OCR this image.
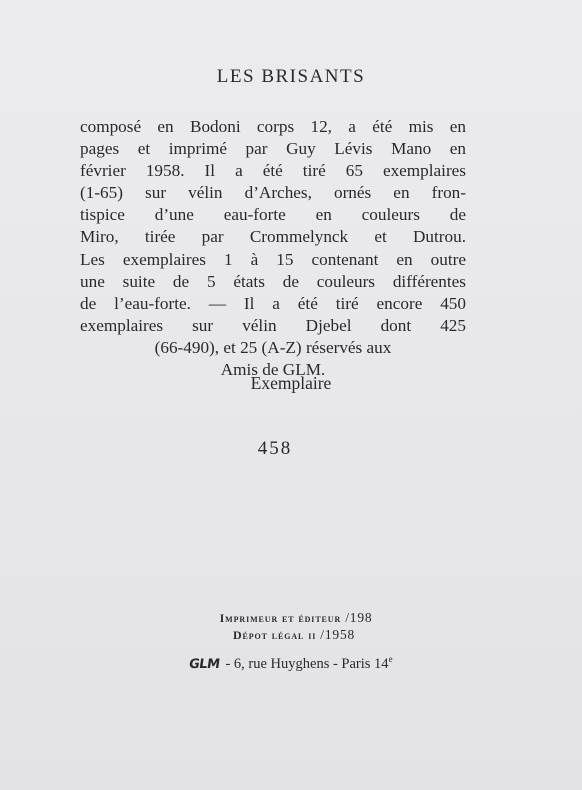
LES BRISANTS
composé en Bodoni corps 12, a été mis en
pages et imprimé par Guy Lévis Mano en
février 1958. Il a été tiré 65 exemplaires
(1-65) sur vélin d’Arches, ornés en fron-
tispice d’une eau-forte en couleurs de
Miro, tirée par Crommelynck et Dutrou.
Les exemplaires 1 à 15 contenant en outre
une suite de 5 états de couleurs différentes
de l’eau-forte. — Il a été tiré encore 450
exemplaires sur vélin Djebel dont 425
(66-490), et 25 (A-Z) réservés aux
Amis de GLM.
Exemplaire
458
Imprimeur et éditeur /198
Dépot légal ii /1958
GLM - 6, rue Huyghens - Paris 14e
